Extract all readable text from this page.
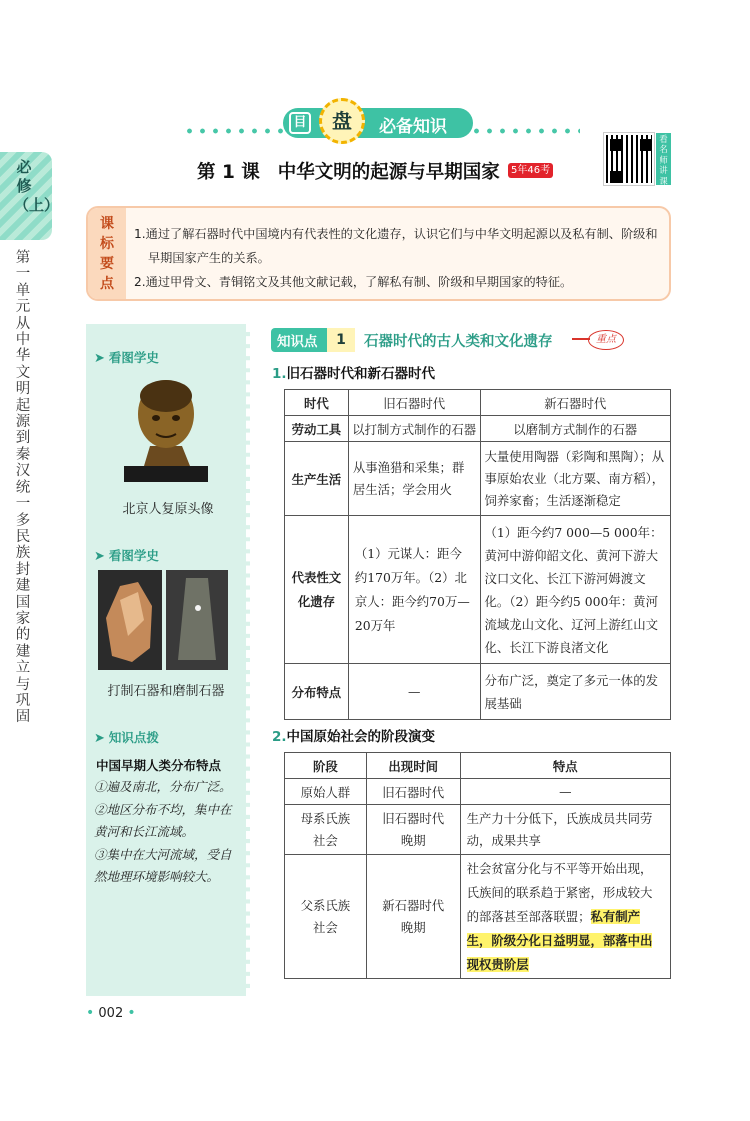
必修（上）
第一单元　从中华文明起源到秦汉统一多民族封建国家的建立与巩固
目	盘	必备知识
第 1 课 中华文明的起源与早期国家	5年46考
看名师讲课
课
标
要
点
1.通过了解石器时代中国境内有代表性的文化遗存，认识它们与中华文明起源以及私有制、阶级和早期国家产生的关系。
2.通过甲骨文、青铜铭文及其他文献记载，了解私有制、阶级和早期国家的特征。
➤ 看图学史
北京人复原头像
➤ 看图学史
打制石器和磨制石器
➤ 知识点拨
中国早期人类分布特点
①遍及南北，分布广泛。
②地区分布不均，集中在黄河和长江流域。
③集中在大河流域，受自然地理环境影响较大。
知识点	1	石器时代的古人类和文化遗存	重点
1.旧石器时代和新石器时代
时代	旧石器时代	新石器时代
劳动工具	以打制方式制作的石器	以磨制方式制作的石器
生产生活	从事渔猎和采集；群居生活；学会用火	大量使用陶器（彩陶和黑陶）；从事原始农业（北方粟、南方稻），饲养家畜；生活逐渐稳定
代表性文化遗存	（1）元谋人：距今约170万年。（2）北京人：距今约70万—20万年	（1）距今约7 000—5 000年：黄河中游仰韶文化、黄河下游大汶口文化、长江下游河姆渡文化。（2）距今约5 000年：黄河流域龙山文化、辽河上游红山文化、长江下游良渚文化
分布特点	—	分布广泛，奠定了多元一体的发展基础
2.中国原始社会的阶段演变
阶段	出现时间	特点
原始人群	旧石器时代	—
母系氏族社会	旧石器时代晚期	生产力十分低下，氏族成员共同劳动，成果共享
父系氏族社会	新石器时代晚期	社会贫富分化与不平等开始出现，氏族间的联系趋于紧密，形成较大的部落甚至部落联盟；私有制产生，阶级分化日益明显，部落中出现权贵阶层
• 002 •
